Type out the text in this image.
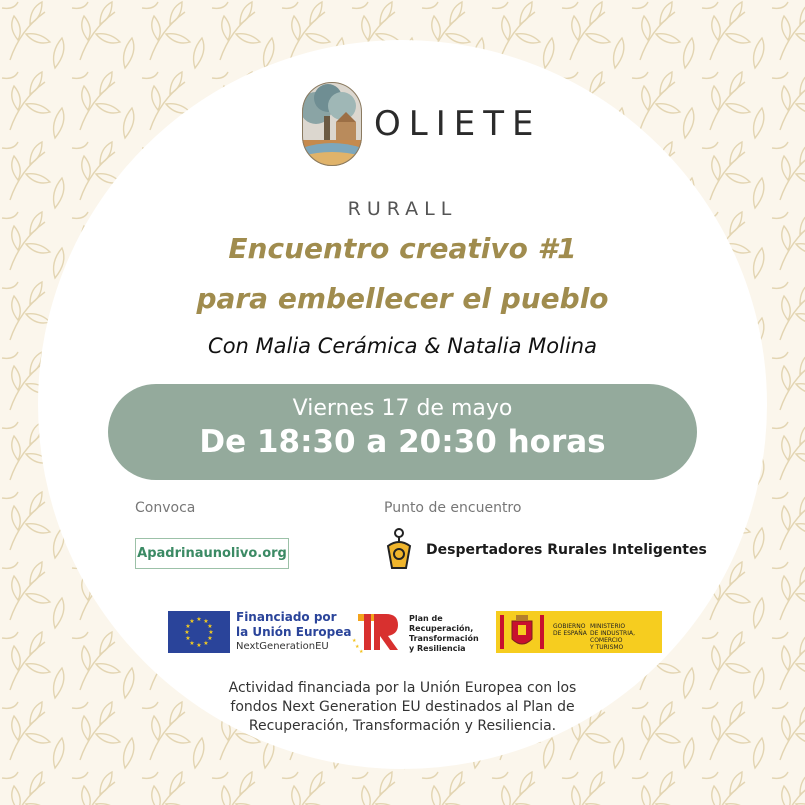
OLIETE
RURALL
Encuentro creativo #1
para embellecer el pueblo
Con Malia Cerámica & Natalia Molina
Viernes 17 de mayo
De 18:30 a 20:30 horas
Convoca
Apadrinaunolivo.org
Punto de encuentro
Despertadores Rurales Inteligentes
★ ★
★
★
★
★
★
★
★
★
★
★	Financiado por
la Unión Europea
NextGenerationEU	★
★
★
Plan de
Recuperación,
Transformación
y Resiliencia
GOBIERNO
DE ESPAÑA
MINISTERIO
DE INDUSTRIA, COMERCIO
Y TURISMO
Actividad financiada por la Unión Europea con los
fondos Next Generation EU destinados al Plan de
Recuperación, Transformación y Resiliencia.
